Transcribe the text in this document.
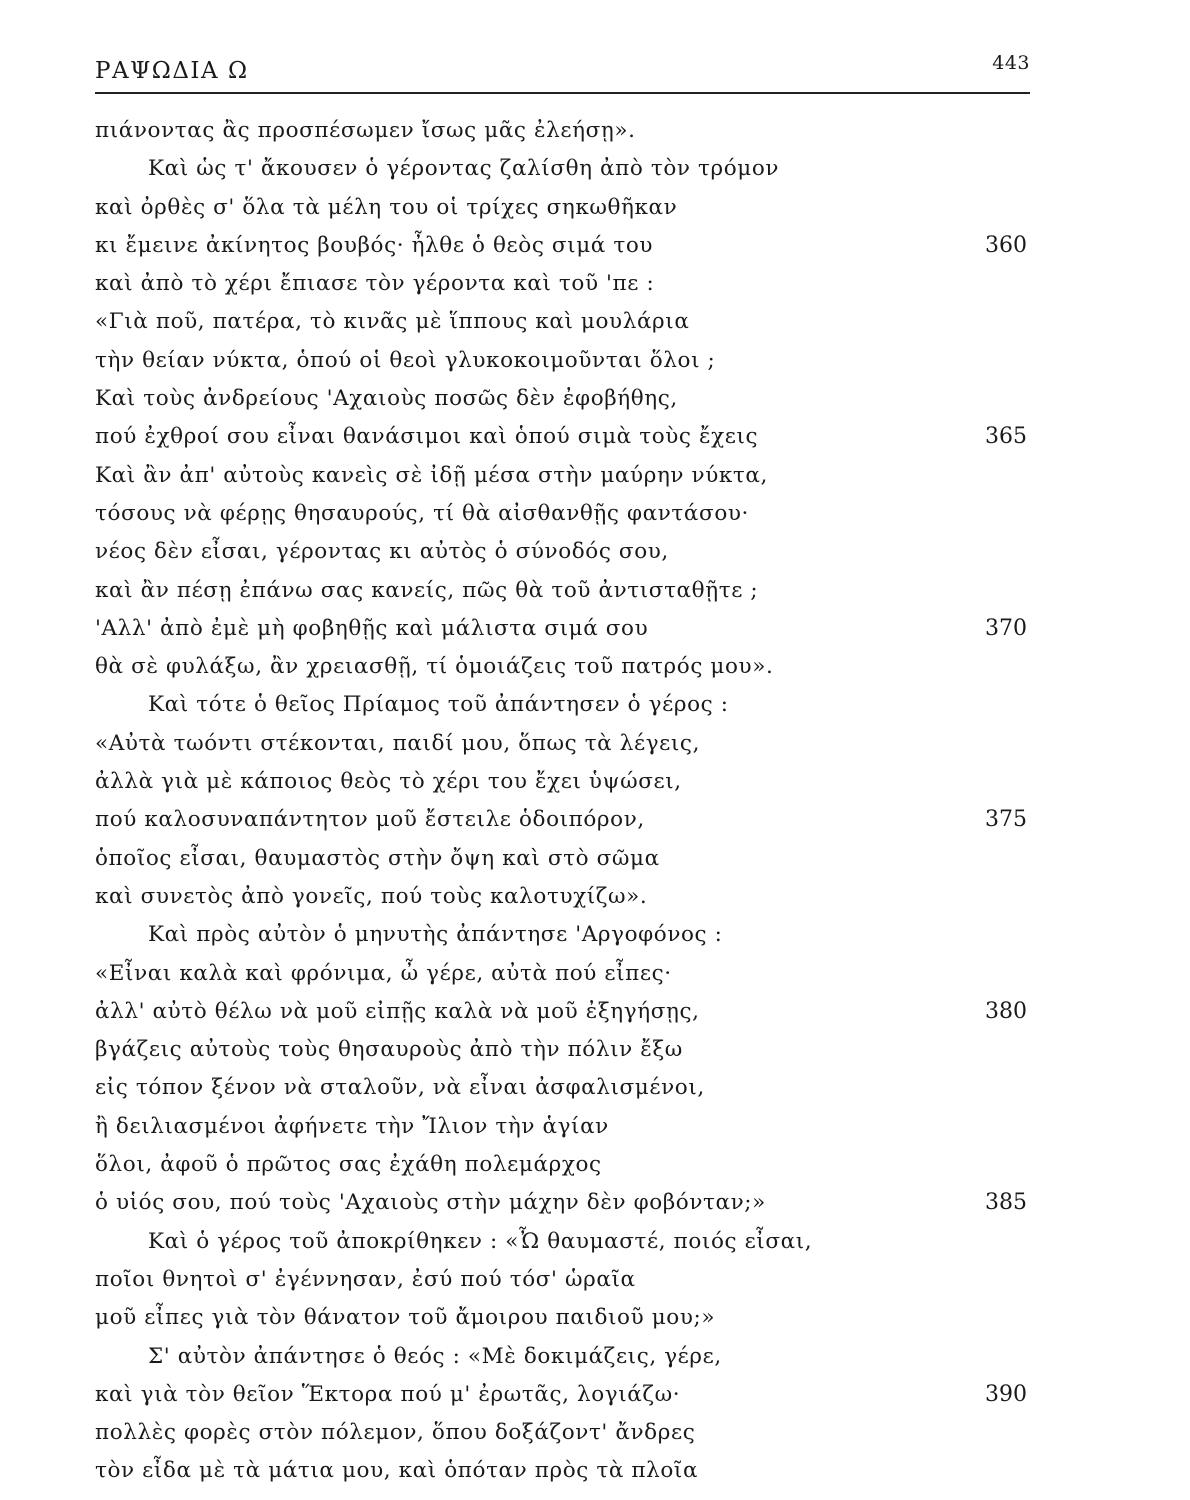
ΡΑΨΩΔΙΑ Ω	443
πιάνοντας ἂς προσπέσωμεν ἴσως μᾶς ἐλεήσῃ».
Καὶ ὡς τ' ἄκουσεν ὁ γέροντας ζαλίσθη ἀπὸ τὸν τρόμον
καὶ ὀρθὲς σ' ὅλα τὰ μέλη του οἱ τρίχες σηκωθῆκαν
κι ἔμεινε ἀκίνητος βουβός· ἦλθε ὁ θεὸς σιμά του	360
καὶ ἀπὸ τὸ χέρι ἔπιασε τὸν γέροντα καὶ τοῦ 'πε :
«Γιὰ ποῦ, πατέρα, τὸ κινᾶς μὲ ἵππους καὶ μουλάρια
τὴν θείαν νύκτα, ὁπού οἱ θεοὶ γλυκοκοιμοῦνται ὅλοι ;
Καὶ τοὺς ἀνδρείους 'Αχαιοὺς ποσῶς δὲν ἐφοβήθης,
πού ἐχθροί σου εἶναι θανάσιμοι καὶ ὁπού σιμὰ τοὺς ἔχεις	365
Καὶ ἂν ἀπ' αὐτοὺς κανεὶς σὲ ἰδῇ μέσα στὴν μαύρην νύκτα,
τόσους νὰ φέρῃς θησαυρούς, τί θὰ αἰσθανθῇς φαντάσου·
νέος δὲν εἶσαι, γέροντας κι αὐτὸς ὁ σύνοδός σου,
καὶ ἂν πέσῃ ἐπάνω σας κανείς, πῶς θὰ τοῦ ἀντισταθῇτε ;
'Αλλ' ἀπὸ ἐμὲ μὴ φοβηθῇς καὶ μάλιστα σιμά σου	370
θὰ σὲ φυλάξω, ἂν χρειασθῇ, τί ὁμοιάζεις τοῦ πατρός μου».
Καὶ τότε ὁ θεῖος Πρίαμος τοῦ ἀπάντησεν ὁ γέρος :
«Αὐτὰ τωόντι στέκονται, παιδί μου, ὅπως τὰ λέγεις,
ἀλλὰ γιὰ μὲ κάποιος θεὸς τὸ χέρι του ἔχει ὑψώσει,
πού καλοσυναπάντητον μοῦ ἔστειλε ὁδοιπόρον,	375
ὁποῖος εἶσαι, θαυμαστὸς στὴν ὄψη καὶ στὸ σῶμα
καὶ συνετὸς ἀπὸ γονεῖς, πού τοὺς καλοτυχίζω».
Καὶ πρὸς αὐτὸν ὁ μηνυτὴς ἀπάντησε 'Αργοφόνος :
«Εἶναι καλὰ καὶ φρόνιμα, ὦ γέρε, αὐτὰ πού εἶπες·
ἀλλ' αὐτὸ θέλω νὰ μοῦ εἰπῇς καλὰ νὰ μοῦ ἐξηγήσῃς,	380
βγάζεις αὐτοὺς τοὺς θησαυροὺς ἀπὸ τὴν πόλιν ἔξω
εἰς τόπον ξένον νὰ σταλοῦν, νὰ εἶναι ἀσφαλισμένοι,
ἢ δειλιασμένοι ἀφήνετε τὴν Ἴλιον τὴν ἁγίαν
ὅλοι, ἀφοῦ ὁ πρῶτος σας ἐχάθη πολεμάρχος
ὁ υἱός σου, πού τοὺς 'Αχαιοὺς στὴν μάχην δὲν φοβόνταν;»	385
Καὶ ὁ γέρος τοῦ ἀποκρίθηκεν : «Ὦ θαυμαστέ, ποιός εἶσαι,
ποῖοι θνητοὶ σ' ἐγέννησαν, ἐσύ πού τόσ' ὡραῖα
μοῦ εἶπες γιὰ τὸν θάνατον τοῦ ἄμοιρου παιδιοῦ μου;»
Σ' αὐτὸν ἀπάντησε ὁ θεός : «Μὲ δοκιμάζεις, γέρε,
καὶ γιὰ τὸν θεῖον Ἕκτορα πού μ' ἐρωτᾶς, λογιάζω·	390
πολλὲς φορὲς στὸν πόλεμον, ὅπου δοξάζοντ' ἄνδρες
τὸν εἶδα μὲ τὰ μάτια μου, καὶ ὁπόταν πρὸς τὰ πλοῖα
